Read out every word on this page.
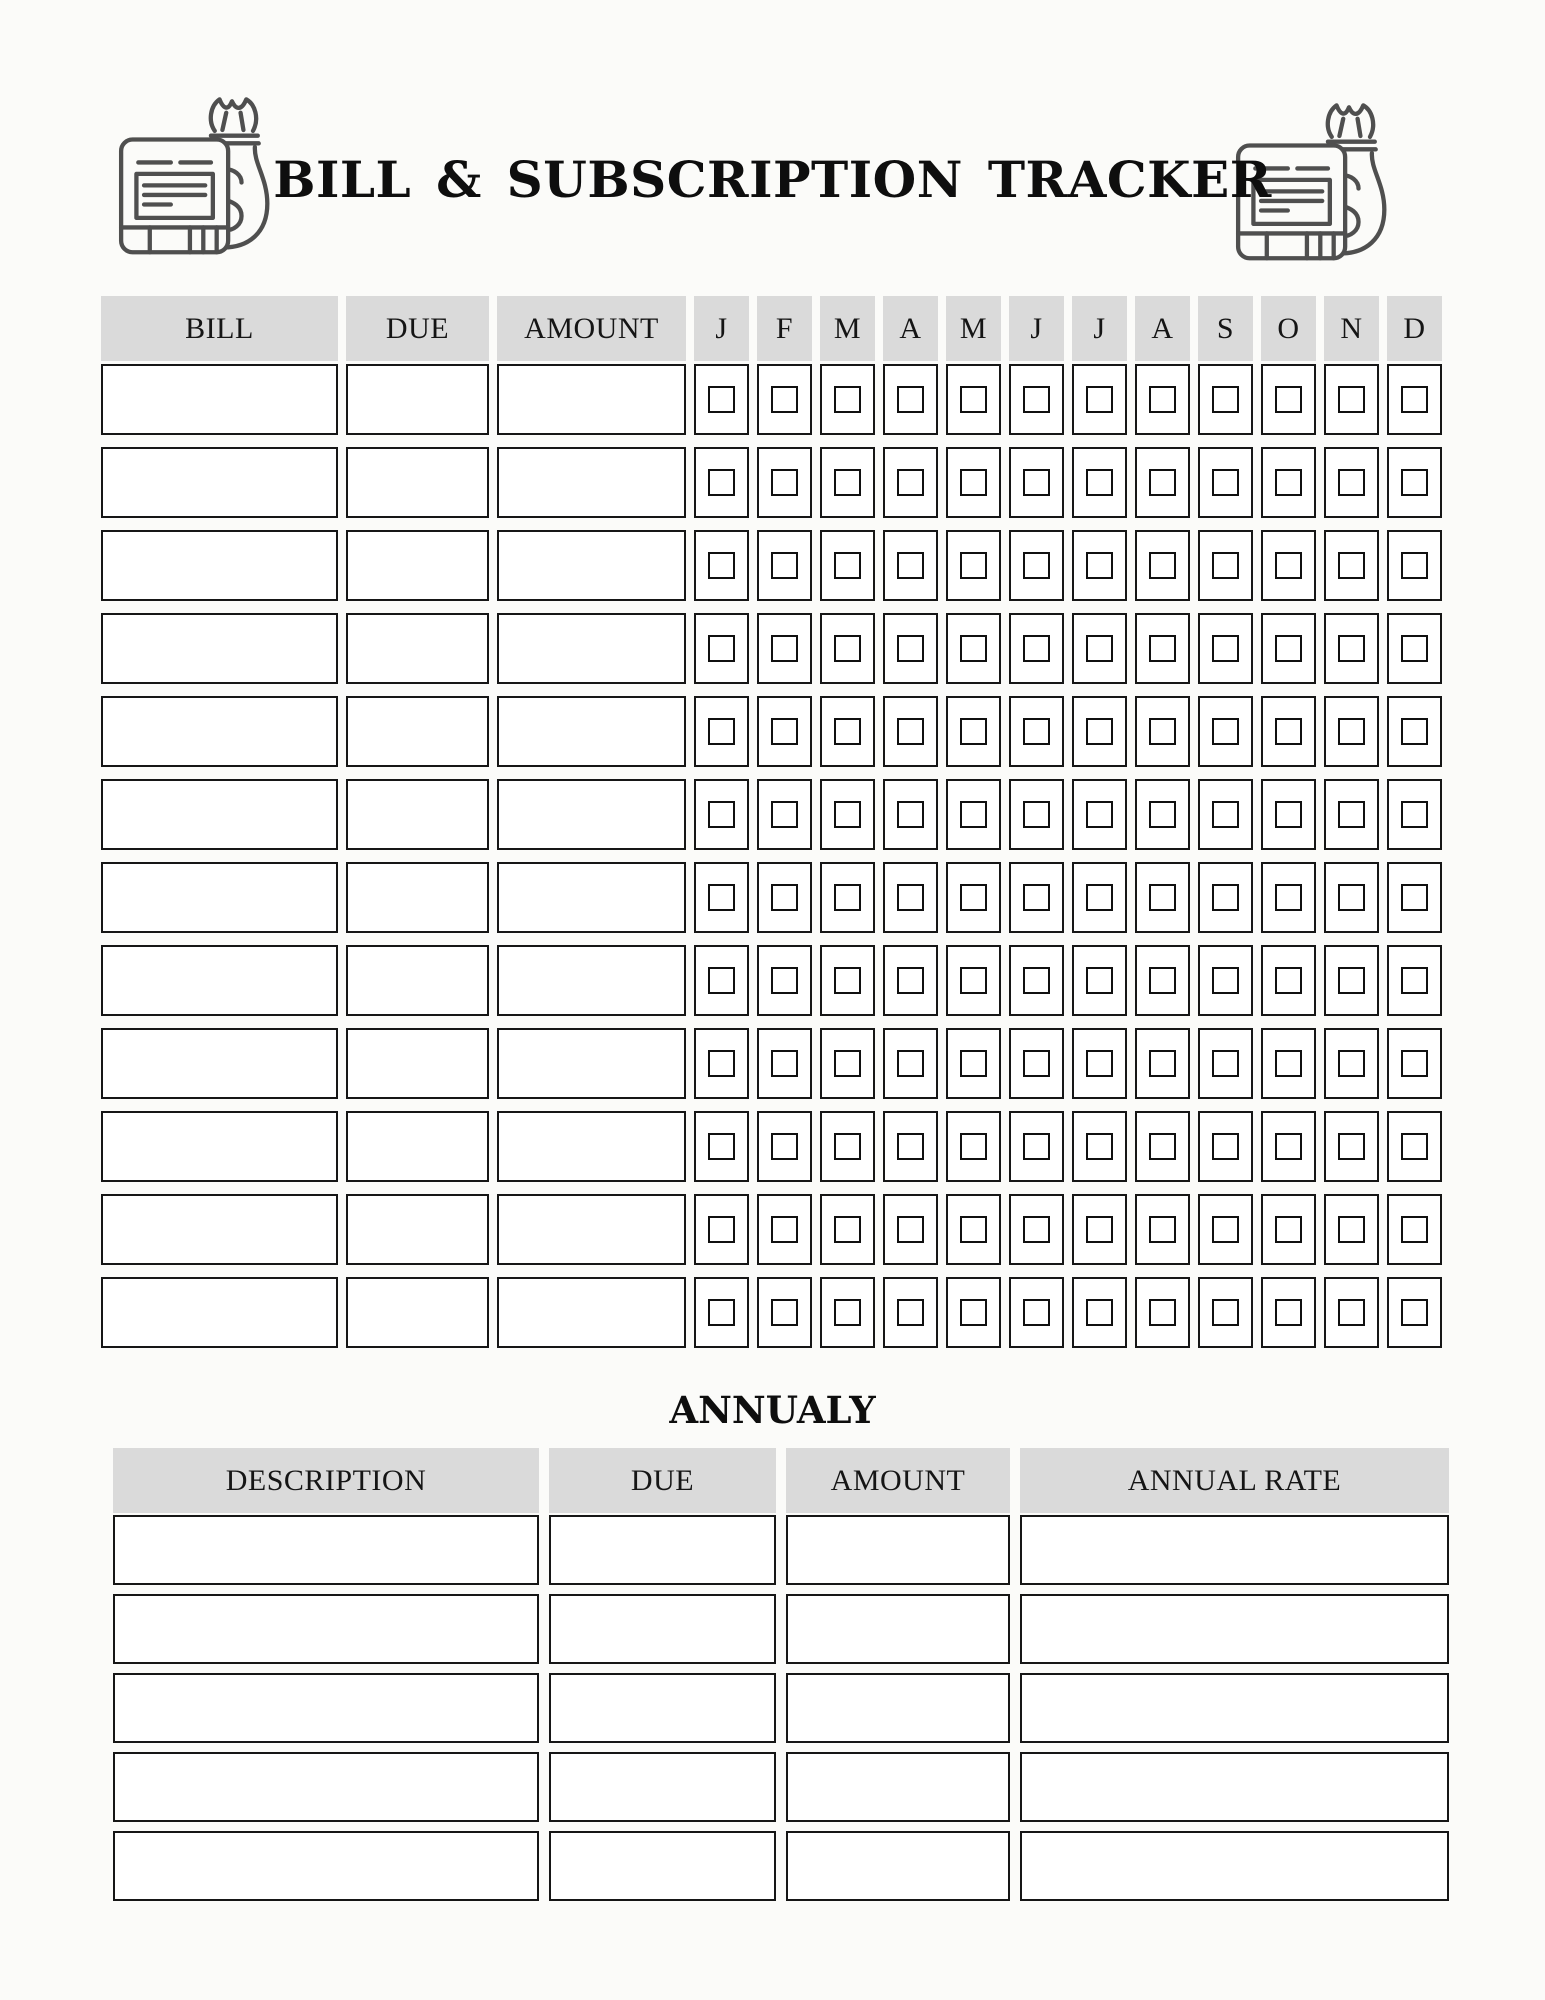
BILL & SUBSCRIPTION TRACKER
BILL	DUE	AMOUNT	J	F	M	A	M	J	J	A	S	O	N	D
ANNUALY
DESCRIPTION	DUE	AMOUNT	ANNUAL RATE
